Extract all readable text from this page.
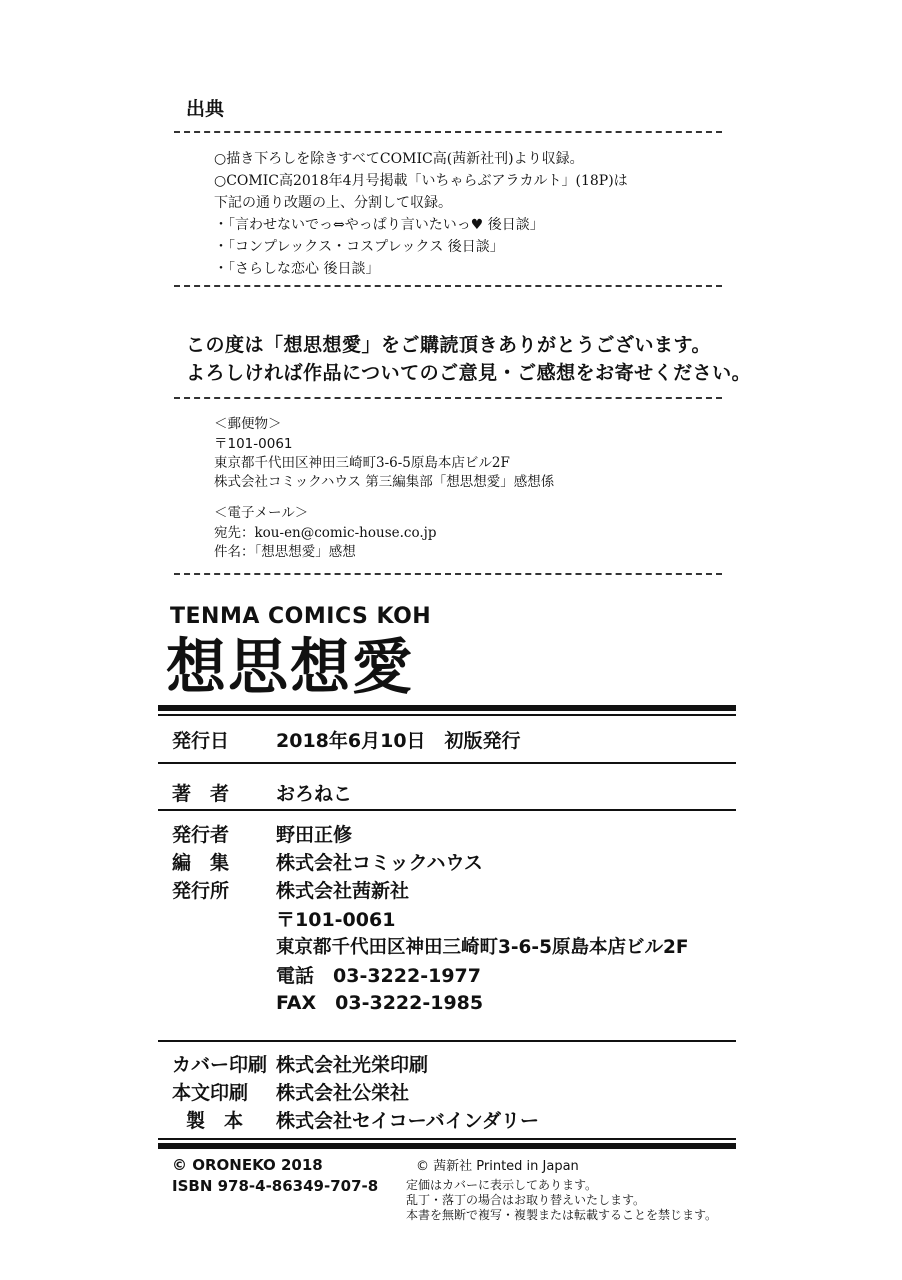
出典
○描き下ろしを除きすべてCOMIC高(茜新社刊)より収録。
○COMIC高2018年4月号掲載「いちゃらぶアラカルト」(18P)は
下記の通り改題の上、分割して収録。
・「言わせないでっ⇔やっぱり言いたいっ♥ 後日談」
・「コンプレックス・コスプレックス 後日談」
・「さらしな恋心 後日談」
この度は「想思想愛」をご購読頂きありがとうございます。
よろしければ作品についてのご意見・ご感想をお寄せください。
＜郵便物＞
〒101-0061
東京都千代田区神田三崎町3-6-5原島本店ビル2F
株式会社コミックハウス 第三編集部「想思想愛」感想係
＜電子メール＞
宛先：kou-en@comic-house.co.jp
件名：「想思想愛」感想
TENMA COMICS KOH
想思想愛
発行日 2018年6月10日　初版発行
著　者 おろねこ
発行者 野田正修
編　集 株式会社コミックハウス
発行所 株式会社茜新社
〒101-0061
東京都千代田区神田三崎町3-6-5原島本店ビル2F
電話　03-3222-1977
FAX　03-3222-1985
カバー印刷 株式会社光栄印刷
本文印刷 株式会社公栄社
製　本 株式会社セイコーバインダリー
© ORONEKO 2018
ISBN 978-4-86349-707-8
© 茜新社 Printed in Japan
定価はカバーに表示してあります。
乱丁・落丁の場合はお取り替えいたします。
本書を無断で複写・複製または転載することを禁じます。
